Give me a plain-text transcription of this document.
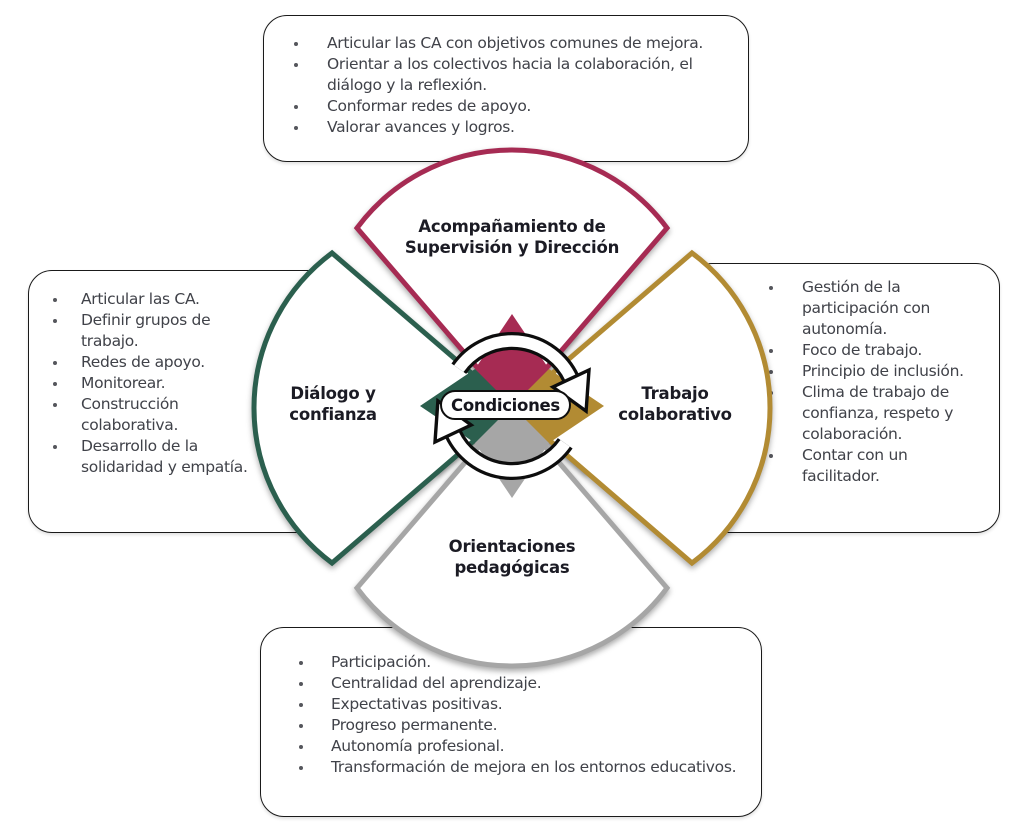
Articular las CA con objetivos comunes de mejora.
Orientar a los colectivos hacia la colaboración, el diálogo y la reflexión.
Conformar redes de apoyo.
Valorar avances y logros.
Articular las CA.
Definir grupos de trabajo.
Redes de apoyo.
Monitorear.
Construcción colaborativa.
Desarrollo de la solidaridad y empatía.
Gestión de la participación con autonomía.
Foco de trabajo.
Principio de inclusión.
Clima de trabajo de confianza, respeto y colaboración.
Contar con un facilitador.
Participación.
Centralidad del aprendizaje.
Expectativas positivas.
Progreso permanente.
Autonomía profesional.
Transformación de mejora en los entornos educativos.
Acompañamiento de Supervisión y Dirección
Diálogo y confianza
Trabajo colaborativo
Orientaciones pedagógicas
Condiciones
